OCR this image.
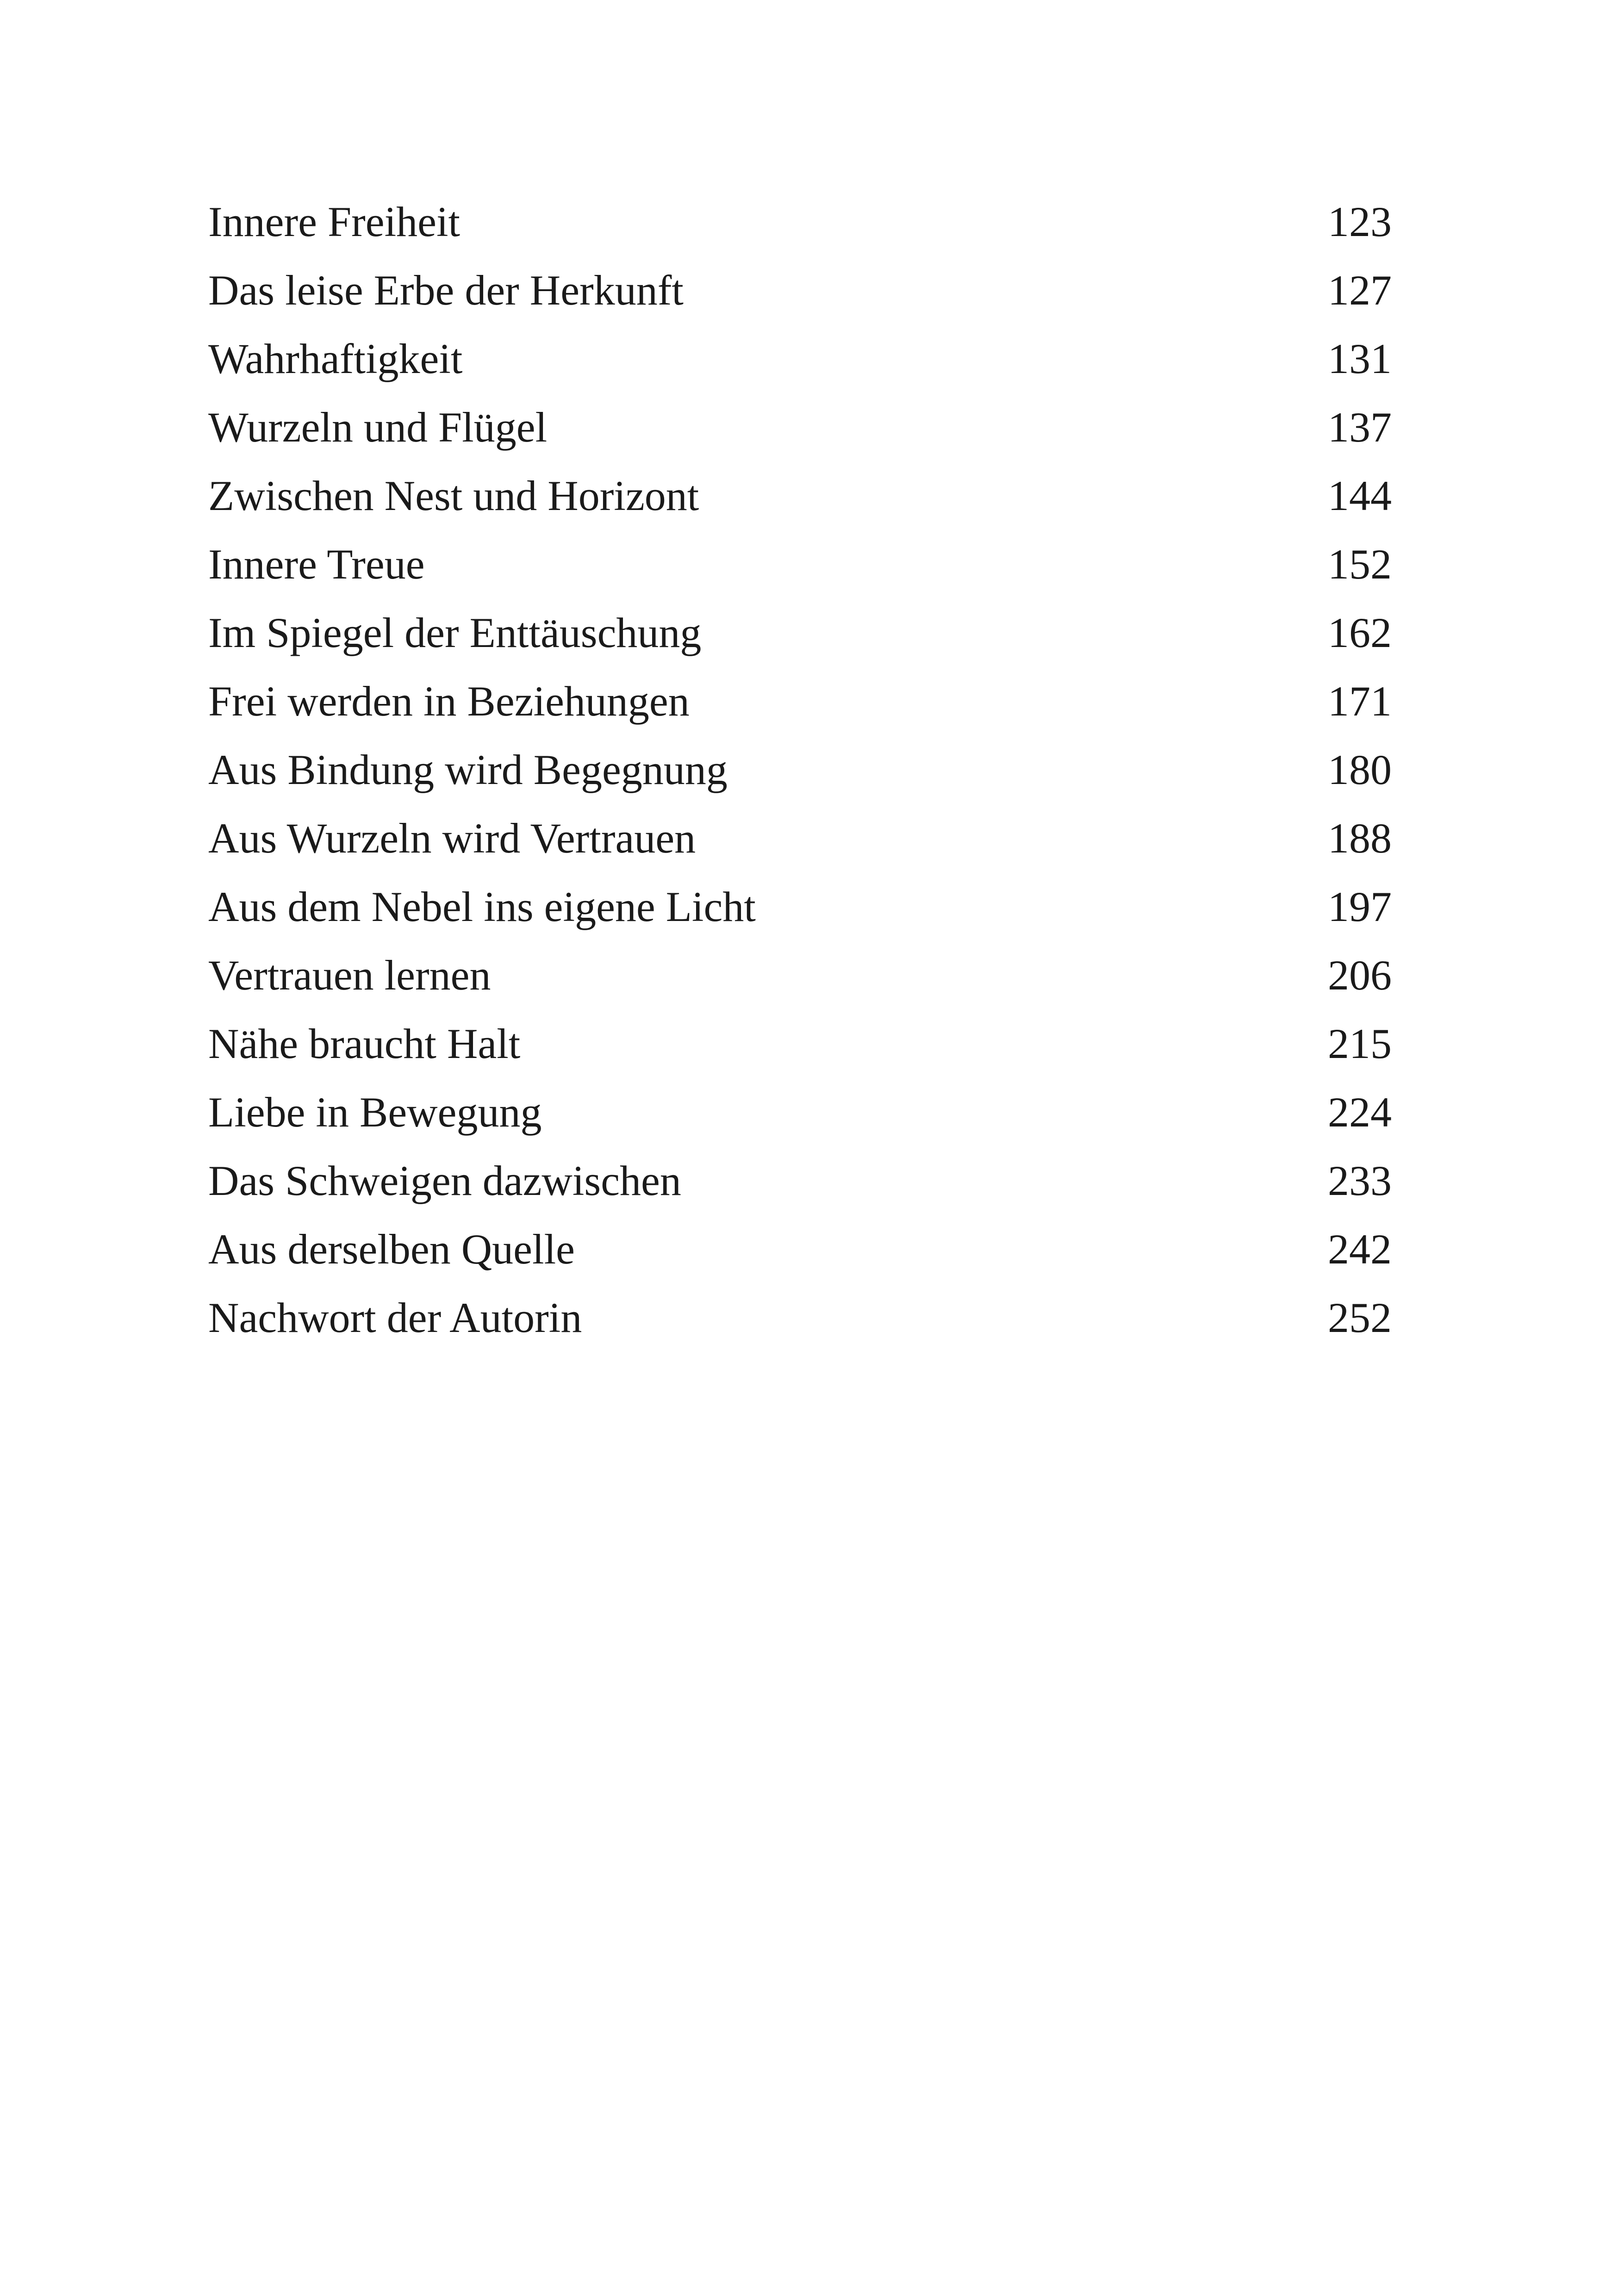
Innere Freiheit	123
Das leise Erbe der Herkunft	127
Wahrhaftigkeit	131
Wurzeln und Flügel	137
Zwischen Nest und Horizont	144
Innere Treue	152
Im Spiegel der Enttäuschung	162
Frei werden in Beziehungen	171
Aus Bindung wird Begegnung	180
Aus Wurzeln wird Vertrauen	188
Aus dem Nebel ins eigene Licht	197
Vertrauen lernen	206
Nähe braucht Halt	215
Liebe in Bewegung	224
Das Schweigen dazwischen	233
Aus derselben Quelle	242
Nachwort der Autorin	252
